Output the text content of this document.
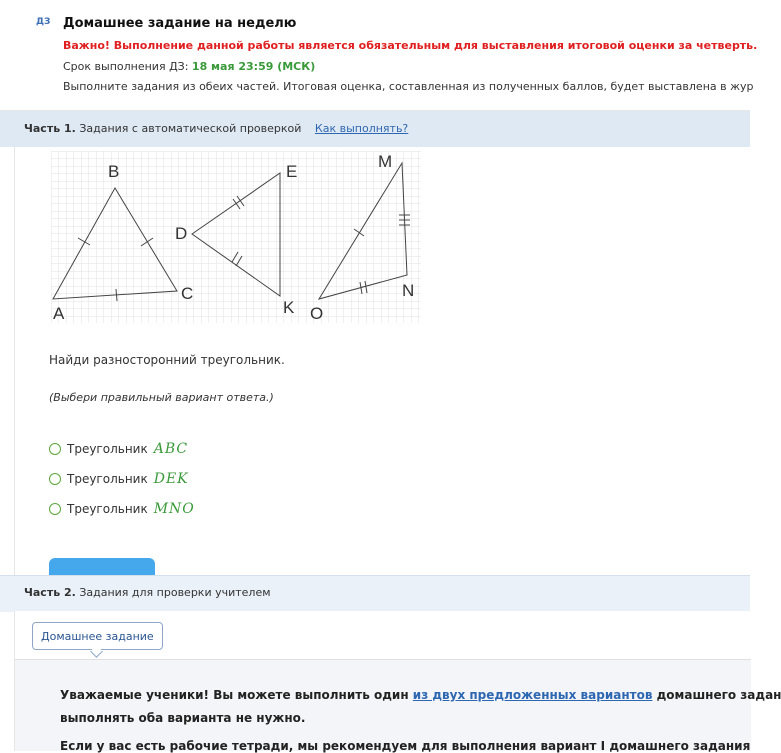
ДЗ Домашнее задание на неделю
Важно! Выполнение данной работы является обязательным для выставления итоговой оценки за четверть.
Срок выполнения ДЗ: 18 мая 23:59 (МСК)
Выполните задания из обеих частей. Итоговая оценка, составленная из полученных баллов, будет выставлена в жур
Часть 1. Задания с автоматической проверкой Как выполнять?
B	E
M
D
C
A	K O
N
Найди разносторонний треугольник.
(Выбери правильный вариант ответа.)
Треугольник ABC
Треугольник DEK
Треугольник MNO
Часть 2. Задания для проверки учителем
Домашнее задание
Уважаемые ученики! Вы можете выполнить один из двух предложенных вариантов домашнего задан
выполнять оба варианта не нужно.
Если у вас есть рабочие тетради, мы рекомендуем для выполнения вариант I домашнего задания
